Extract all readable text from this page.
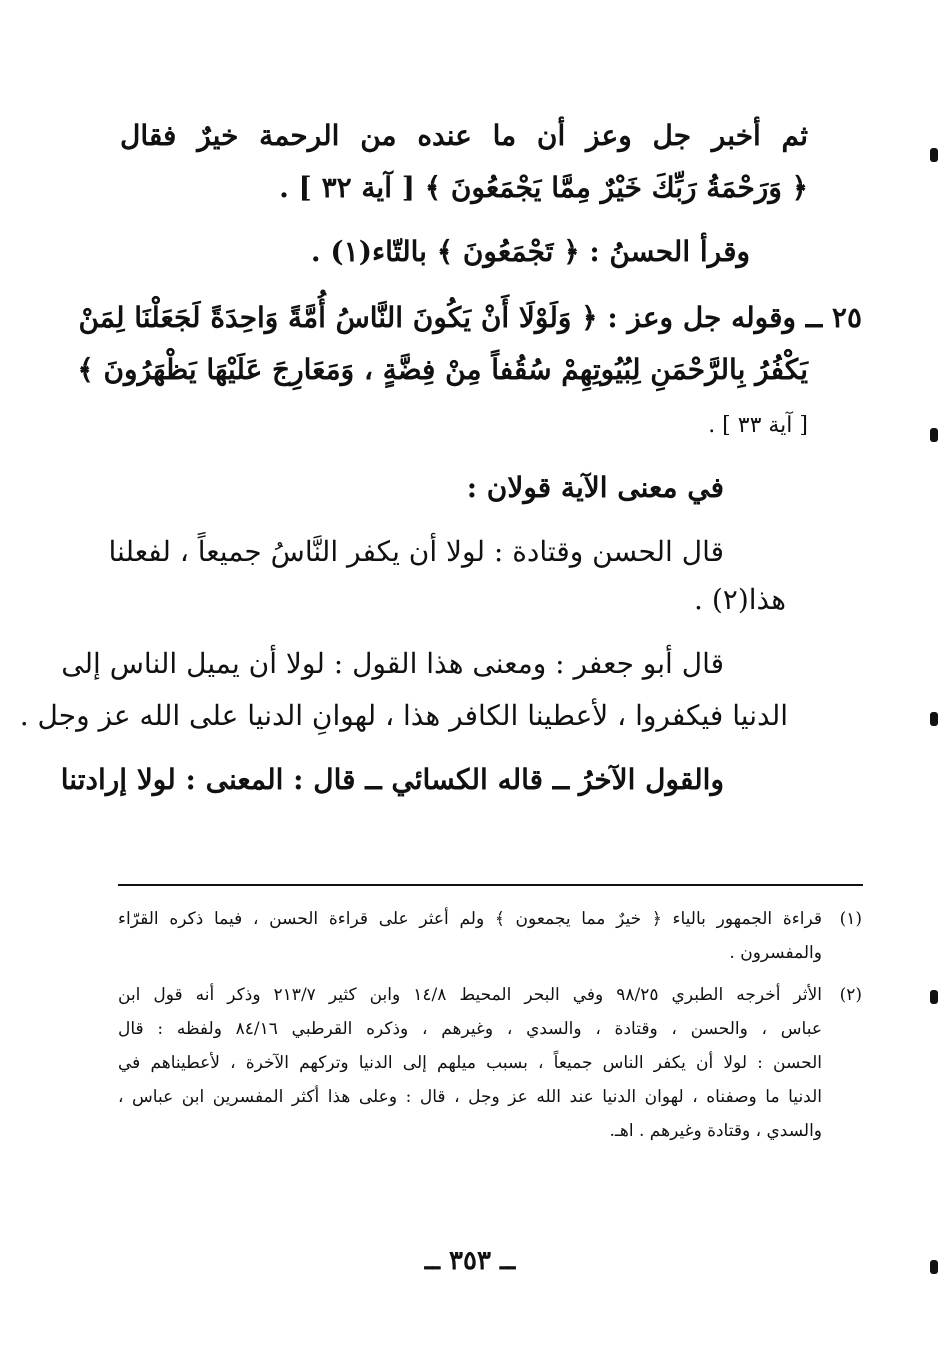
ثم أخبر جل وعز أن ما عنده من الرحمة خيرٌ فقال
﴿ وَرَحْمَةُ رَبِّكَ خَيْرٌ مِمَّا يَجْمَعُونَ ﴾ [ آية ٣٢ ] .
وقرأ الحسنُ : ﴿ تَجْمَعُونَ ﴾ بالتّاء(١) .
٢٥ ــ وقوله جل وعز : ﴿ وَلَوْلَا أَنْ يَكُونَ النَّاسُ أُمَّةً وَاحِدَةً لَجَعَلْنَا لِمَنْ
يَكْفُرُ بِالرَّحْمَنِ لِبُيُوتِهِمْ سُقُفاً مِنْ فِضَّةٍ ، وَمَعَارِجَ عَلَيْهَا يَظْهَرُونَ ﴾
[ آية ٣٣ ] .
في معنى الآية قولان :
قال الحسن وقتادة : لولا أن يكفر النَّاسُ جميعاً ، لفعلنا
هذا(٢) .
قال أبو جعفر : ومعنى هذا القول : لولا أن يميل الناس إلى
الدنيا فيكفروا ، لأعطينا الكافر هذا ، لهوانِ الدنيا على الله عز وجل .
والقول الآخرُ ــ قاله الكسائي ــ قال : المعنى : لولا إرادتنا
(١)
قراءة الجمهور بالياء ﴿ خيرٌ مما يجمعون ﴾ ولم أعثر على قراءة الحسن ، فيما ذكره القرّاء
والمفسرون .
(٢)
الأثر أخرجه الطبري ٩٨/٢٥ وفي البحر المحيط ١٤/٨ وابن كثير ٢١٣/٧ وذكر أنه قول ابن
عباس ، والحسن ، وقتادة ، والسدي ، وغيرهم ، وذكره القرطبي ٨٤/١٦ ولفظه : قال
الحسن : لولا أن يكفر الناس جميعاً ، بسبب ميلهم إلى الدنيا وتركهم الآخرة ، لأعطيناهم في
الدنيا ما وصفناه ، لهوان الدنيا عند الله عز وجل ، قال : وعلى هذا أكثر المفسرين ابن عباس ،
والسدي ، وقتادة وغيرهم . اهـ.
ــ ٣٥٣ ــ
